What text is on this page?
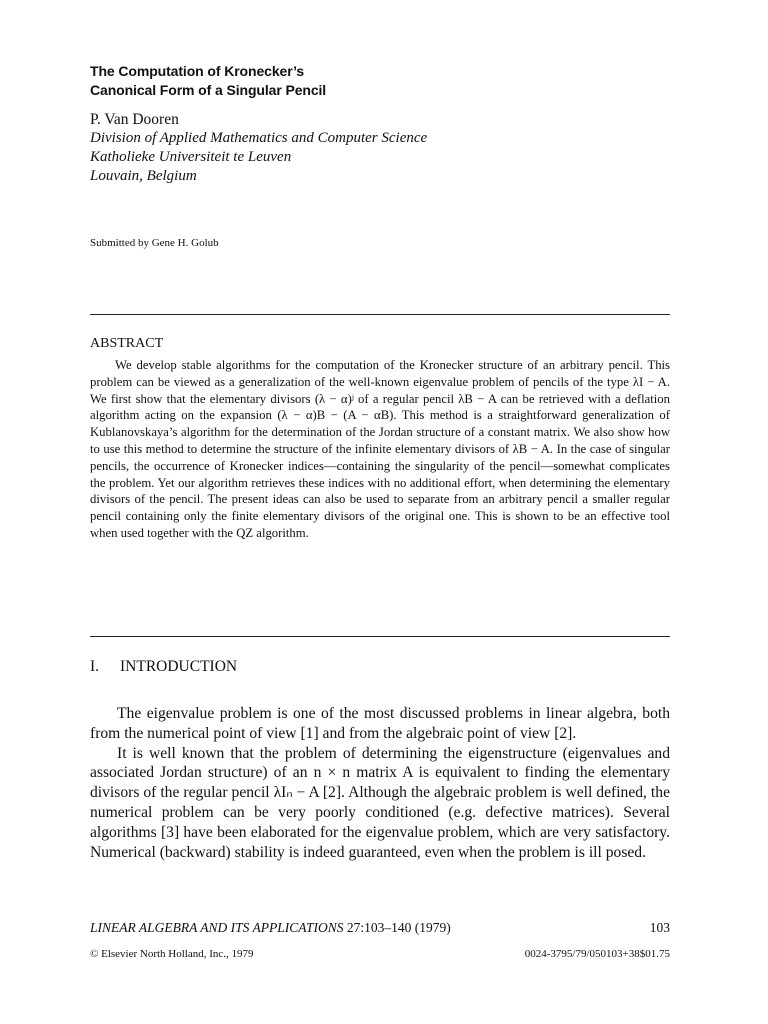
The Computation of Kronecker’s
Canonical Form of a Singular Pencil

P. Van Dooren

Division of Applied Mathematics and Computer Science

Katholieke Universiteit te Leuven

Louvain, Belgium

Submitted by Gene H. Golub

ABSTRACT

We develop stable algorithms for the computation of the Kronecker structure of an arbitrary pencil. This problem can be viewed as a generalization of the well-known eigenvalue problem of pencils of the type λI − A. We first show that the elementary divisors (λ − α)ʲ of a regular pencil λB − A can be retrieved with a deflation algorithm acting on the expansion (λ − α)B − (A − αB). This method is a straightforward generalization of Kublanovskaya’s algorithm for the determination of the Jordan structure of a constant matrix. We also show how to use this method to determine the structure of the infinite elementary divisors of λB − A. In the case of singular pencils, the occurrence of Kronecker indices—containing the singularity of the pencil—somewhat complicates the problem. Yet our algorithm retrieves these indices with no additional effort, when determining the elementary divisors of the pencil. The present ideas can also be used to separate from an arbitrary pencil a smaller regular pencil containing only the finite elementary divisors of the original one. This is shown to be an effective tool when used together with the QZ algorithm.

I. INTRODUCTION

The eigenvalue problem is one of the most discussed problems in linear algebra, both from the numerical point of view [1] and from the algebraic point of view [2].

It is well known that the problem of determining the eigenstructure (eigenvalues and associated Jordan structure) of an n × n matrix A is equivalent to finding the elementary divisors of the regular pencil λIₙ − A [2]. Although the algebraic problem is well defined, the numerical problem can be very poorly conditioned (e.g. defective matrices). Several algorithms [3] have been elaborated for the eigenvalue problem, which are very satisfactory. Numerical (backward) stability is indeed guaranteed, even when the problem is ill posed.

LINEAR ALGEBRA AND ITS APPLICATIONS 27:103–140 (1979)	103
© Elsevier North Holland, Inc., 1979	0024-3795/79/050103+38$01.75
